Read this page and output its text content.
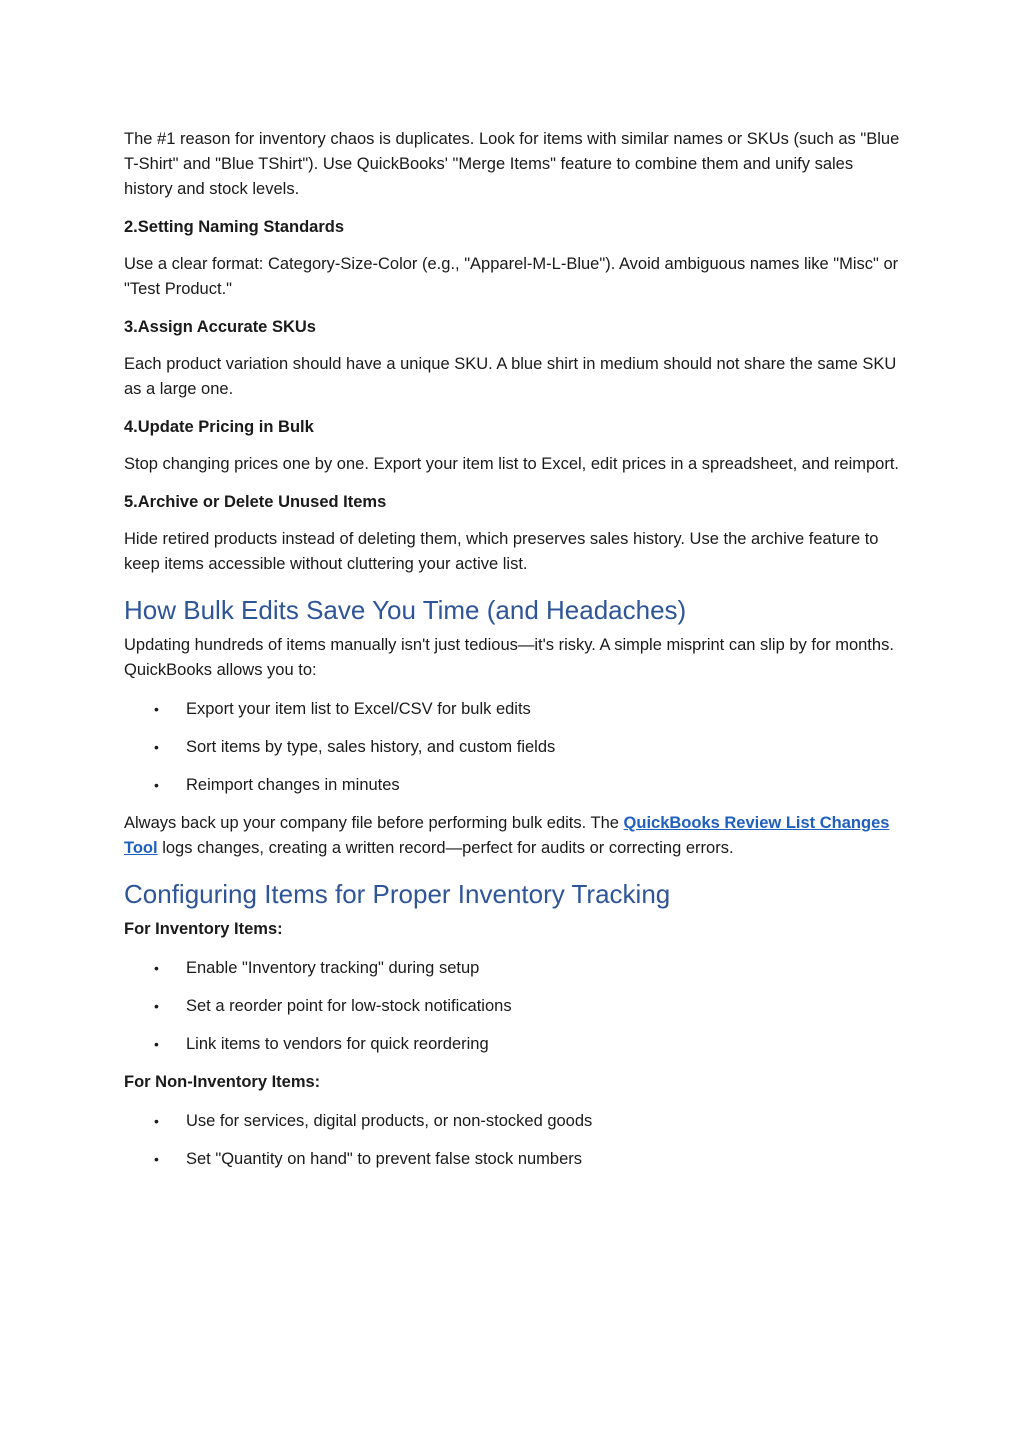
The #1 reason for inventory chaos is duplicates. Look for items with similar names or SKUs (such as "Blue T-Shirt" and "Blue TShirt"). Use QuickBooks' "Merge Items" feature to combine them and unify sales history and stock levels.

2.Setting Naming Standards

Use a clear format: Category-Size-Color (e.g., "Apparel-M-L-Blue"). Avoid ambiguous names like "Misc" or "Test Product."

3.Assign Accurate SKUs

Each product variation should have a unique SKU. A blue shirt in medium should not share the same SKU as a large one.

4.Update Pricing in Bulk

Stop changing prices one by one. Export your item list to Excel, edit prices in a spreadsheet, and reimport.

5.Archive or Delete Unused Items

Hide retired products instead of deleting them, which preserves sales history. Use the archive feature to keep items accessible without cluttering your active list.

How Bulk Edits Save You Time (and Headaches)

Updating hundreds of items manually isn't just tedious—it's risky. A simple misprint can slip by for months. QuickBooks allows you to:

• Export your item list to Excel/CSV for bulk edits
• Sort items by type, sales history, and custom fields
• Reimport changes in minutes

Always back up your company file before performing bulk edits. The QuickBooks Review List Changes Tool logs changes, creating a written record—perfect for audits or correcting errors.

Configuring Items for Proper Inventory Tracking

For Inventory Items:

• Enable "Inventory tracking" during setup
• Set a reorder point for low-stock notifications
• Link items to vendors for quick reordering

For Non-Inventory Items:

• Use for services, digital products, or non-stocked goods
• Set "Quantity on hand" to prevent false stock numbers
